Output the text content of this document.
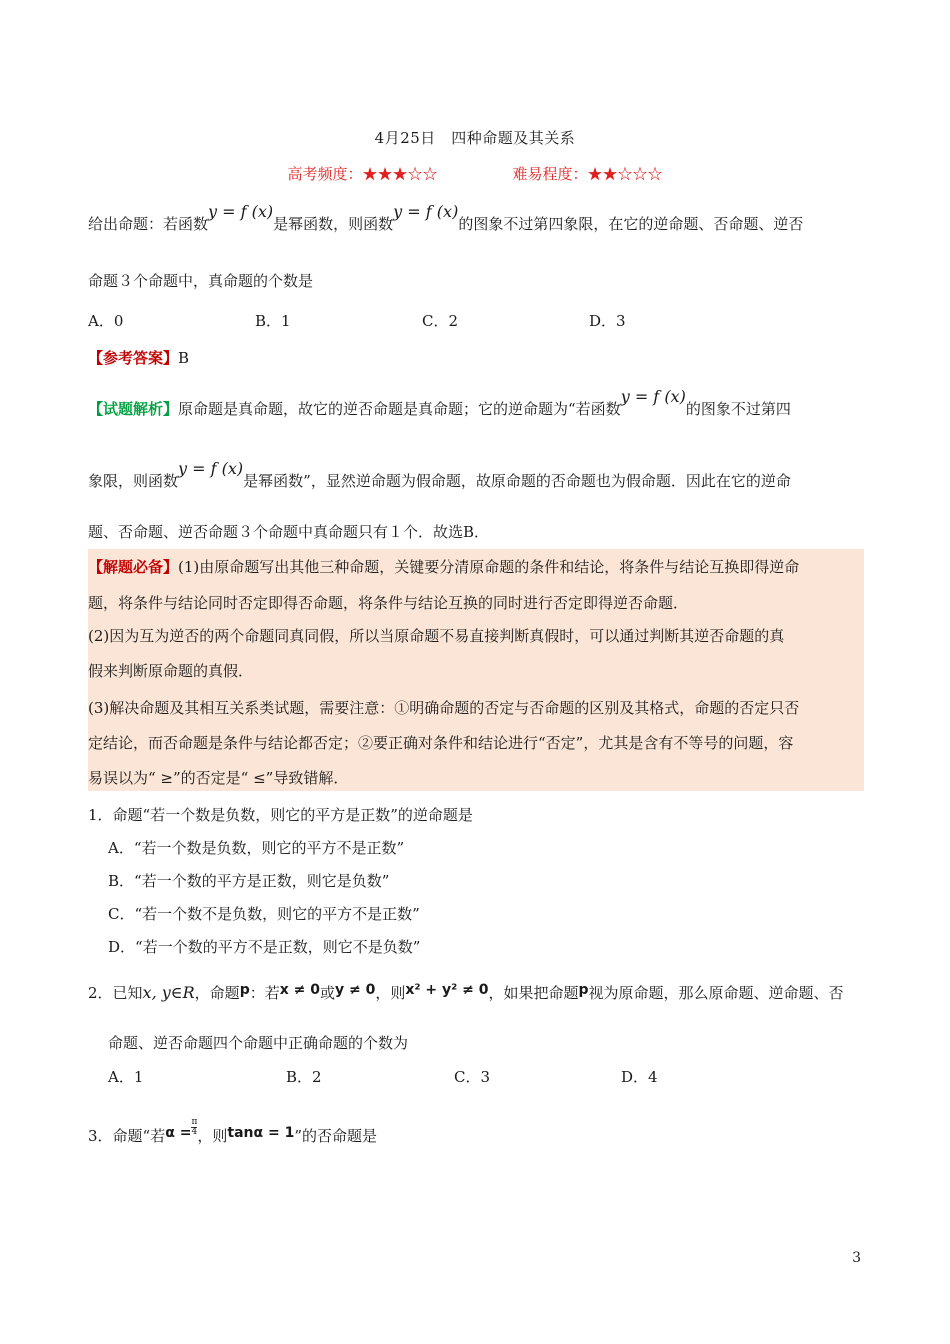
4月25日　四种命题及其关系
高考频度：★★★☆☆　　　　　	难易程度：★★☆☆☆
给出命题：若函数y = f (x)是幂函数，则函数y = f (x)的图象不过第四象限，在它的逆命题、否命题、逆否
命题３个命题中，真命题的个数是
A．0	B．1	C．2	D．3
【参考答案】B
【试题解析】原命题是真命题，故它的逆否命题是真命题；它的逆命题为“若函数y = f (x)的图象不过第四
象限，则函数y = f (x)是幂函数”，显然逆命题为假命题，故原命题的否命题也为假命题．因此在它的逆命
题、否命题、逆否命题３个命题中真命题只有１个．故选B．
【解题必备】(1)由原命题写出其他三种命题，关键要分清原命题的条件和结论，将条件与结论互换即得逆命
题，将条件与结论同时否定即得否命题，将条件与结论互换的同时进行否定即得逆否命题．
(2)因为互为逆否的两个命题同真同假，所以当原命题不易直接判断真假时，可以通过判断其逆否命题的真
假来判断原命题的真假．
(3)解决命题及其相互关系类试题，需要注意：①明确命题的否定与否命题的区别及其格式，命题的否定只否
定结论，而否命题是条件与结论都否定；②要正确对条件和结论进行“否定”，尤其是含有不等号的问题，容
易误以为“ ≥”的否定是“ ≤”导致错解．
1．命题“若一个数是负数，则它的平方是正数”的逆命题是
A．“若一个数是负数，则它的平方不是正数”
B．“若一个数的平方是正数，则它是负数”
C．“若一个数不是负数，则它的平方不是正数”
D．“若一个数的平方不是正数，则它不是负数”
2．已知x, y∈R，命题p：若x ≠ 0或y ≠ 0，则x² + y² ≠ 0，如果把命题p视为原命题，那么原命题、逆命题、否
命题、逆否命题四个命题中正确命题的个数为
A．1	B．2	C．3	D．4
3．命题“若$\alpha = \frac{\pi}{4}$ ，则tanα = 1”的否命题是
3
